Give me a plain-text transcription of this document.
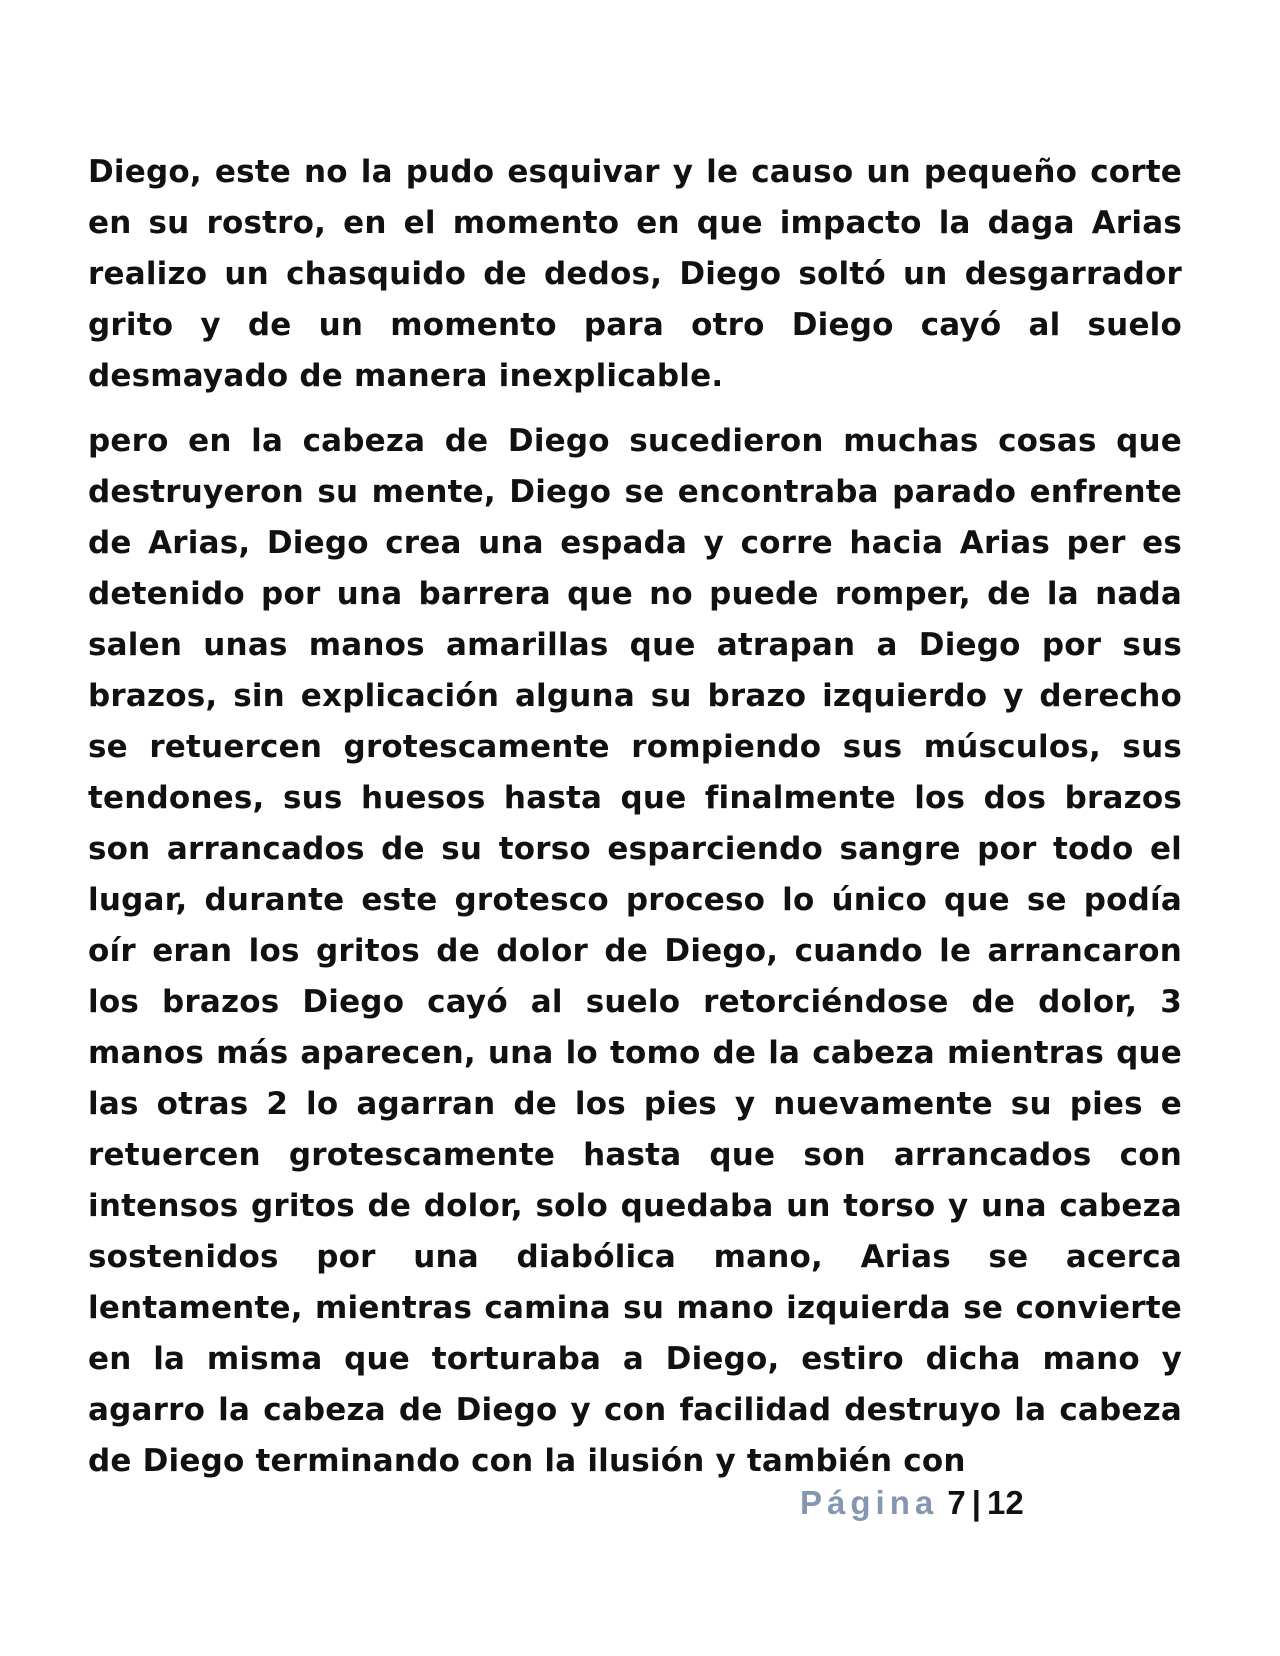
Diego, este no la pudo esquivar y le causo un pequeño corte en su rostro, en el momento en que impacto la daga Arias realizo un chasquido de dedos, Diego soltó un desgarrador grito y de un momento para otro Diego cayó al suelo desmayado de manera inexplicable.

pero en la cabeza de Diego sucedieron muchas cosas que destruyeron su mente, Diego se encontraba parado enfrente de Arias, Diego crea una espada y corre hacia Arias per es detenido por una barrera que no puede romper, de la nada salen unas manos amarillas que atrapan a Diego por sus brazos, sin explicación alguna su brazo izquierdo y derecho se retuercen grotescamente rompiendo sus músculos, sus tendones, sus huesos hasta que finalmente los dos brazos son arrancados de su torso esparciendo sangre por todo el lugar, durante este grotesco proceso lo único que se podía oír eran los gritos de dolor de Diego, cuando le arrancaron los brazos Diego cayó al suelo retorciéndose de dolor, 3 manos más aparecen, una lo tomo de la cabeza mientras que las otras 2 lo agarran de los pies y nuevamente su pies e retuercen grotescamente hasta que son arrancados con intensos gritos de dolor, solo quedaba un torso y una cabeza sostenidos por una diabólica mano, Arias se acerca lentamente, mientras camina su mano izquierda se convierte en la misma que torturaba a Diego, estiro dicha mano y agarro la cabeza de Diego y con facilidad destruyo la cabeza de Diego terminando con la ilusión y también con

Página 7 | 12
